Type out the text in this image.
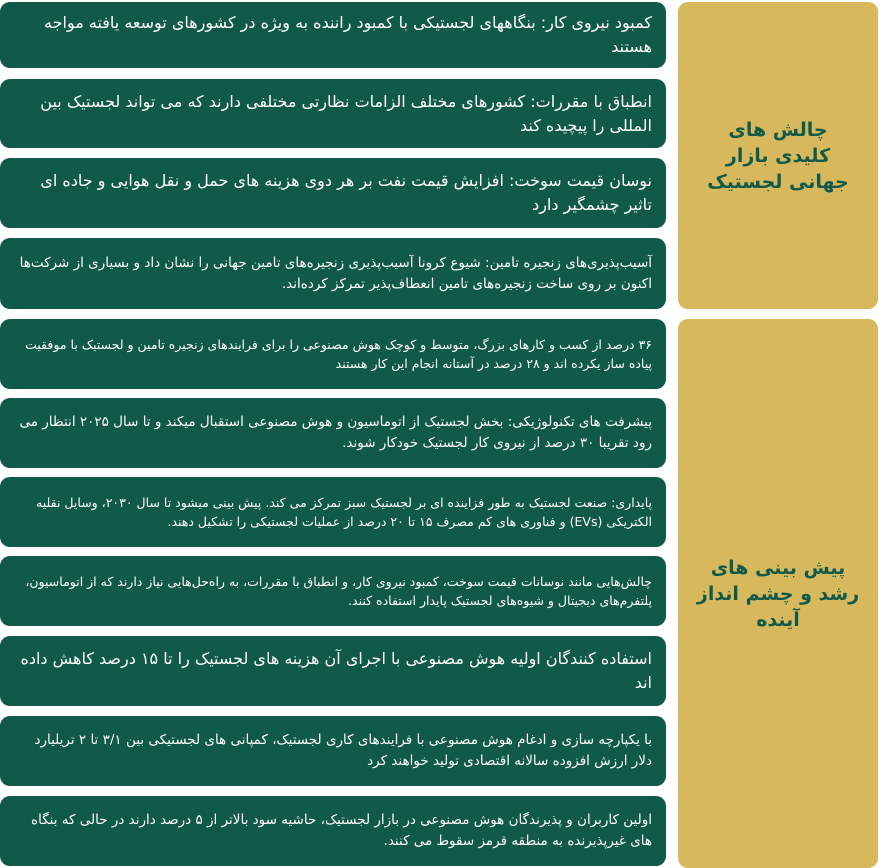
چالش های
کلیدی بازار
جهانی لجستیک
کمبود نیروی کار: بنگاههای لجستیکی با کمبود راننده به ویژه در کشورهای توسعه یافته مواجه هستند
انطباق با مقررات: کشورهای مختلف الزامات نظارتی مختلفی دارند که می تواند لجستیک بین المللی را پیچیده کند
نوسان قیمت سوخت: افزایش قیمت نفت بر هر دوی هزینه های حمل و نقل هوایی و جاده ای تاثیر چشمگیر دارد
آسیب‌پذیری‌های زنجیره تامین: شیوع کرونا آسیب‌پذیری زنجیره‌های تامین جهانی را نشان داد و بسیاری از شرکت‌ها اکنون بر روی ساخت زنجیره‌های تامین انعطاف‌پذیر تمرکز کرده‌اند.
پیش بینی های
رشد و چشم انداز
آینده
۳۶ درصد از کسب و کارهای بزرگ، متوسط و کوچک هوش مصنوعی را برای فرایندهای زنجیره تامین و لجستیک با موفقیت پیاده ساز یکرده اند و ۲۸ درصد در آستانه انجام این کار هستند
پیشرفت های تکنولوژیکی: بخش لجستیک از اتوماسیون و هوش مصنوعی استقبال میکند و تا سال ۲۰۲۵ انتظار می رود تقریبا ۳۰ درصد از نیروی کار لجستیک خودکار شوند.
پایداری: صنعت لجستیک به طور فزاینده ای بر لجستیک سبز تمرکز می کند. پیش بینی میشود تا سال ۲۰۳۰، وسایل نقلیه الکتریکی (EVs) و فناوری های کم مصرف ۱۵ تا ۲۰ درصد از عملیات لجستیکی را تشکیل دهند.
چالش‌هایی مانند نوسانات قیمت سوخت، کمبود نیروی کار، و انطباق با مقررات، به راه‌حل‌هایی نیاز دارند که از اتوماسیون، پلتفرم‌های دیجیتال و شیوه‌های لجستیک پایدار استفاده کنند.
استفاده کنندگان اولیه هوش مصنوعی با اجرای آن هزینه های لجستیک را تا ۱۵ درصد کاهش داده اند
با یکپارچه سازی و ادغام هوش مصنوعی با فرایندهای کاری لجستیک، کمپانی های لجستیکی بین ۳/۱ تا ۲ تریلیارد دلار ارزش افزوده سالانه اقتصادی تولید خواهند کرد
اولین کاربران و پذیرندگان هوش مصنوعی در بازار لجستیک، حاشیه سود بالاتر از ۵ درصد دارند در حالی که بنگاه های غیرپذیرنده به منطقه قرمز سقوط می کنند.
